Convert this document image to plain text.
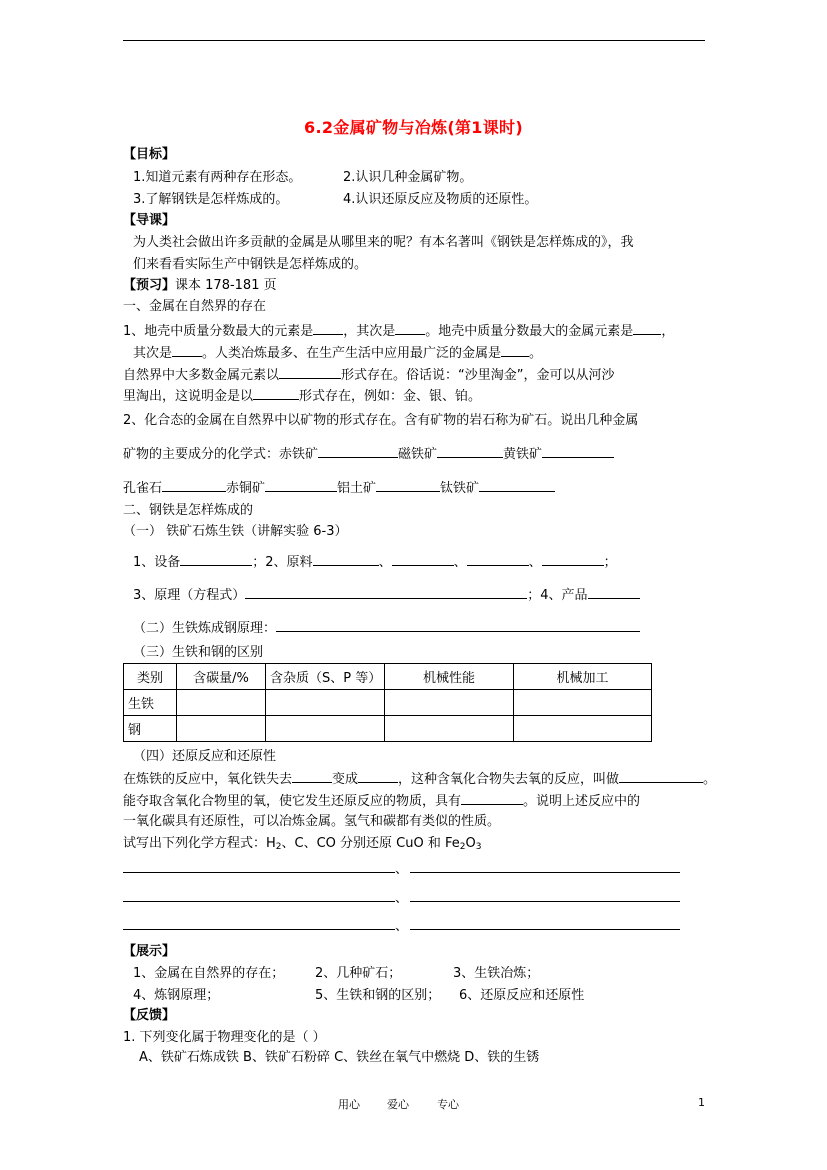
6.2金属矿物与冶炼(第1课时)
【目标】
1.知道元素有两种存在形态。	2.认识几种金属矿物。
3.了解钢铁是怎样炼成的。	4.认识还原反应及物质的还原性。
【导课】
为人类社会做出许多贡献的金属是从哪里来的呢？有本名著叫《钢铁是怎样炼成的》，我
们来看看实际生产中钢铁是怎样炼成的。
【预习】课本 178-181 页
一、金属在自然界的存在
1、地壳中质量分数最大的元素是 ，其次是 。地壳中质量分数最大的金属元素是 ，
其次是 。人类冶炼最多、在生产生活中应用最广泛的金属是 。
自然界中大多数金属元素以	形式存在。俗话说：“沙里淘金”，金可以从河沙
里淘出，这说明金是以	形式存在，例如：金、银、铂。
2、化合态的金属在自然界中以矿物的形式存在。含有矿物的岩石称为矿石。说出几种金属
矿物的主要成分的化学式：赤铁矿	磁铁矿	黄铁矿
孔雀石	赤铜矿	铝土矿	钛铁矿
二、钢铁是怎样炼成的
（一） 铁矿石炼生铁（讲解实验 6-3）
1、设备	；2、原料	、	、	、	；
3、原理（方程式）	；4、产品
（二）生铁炼成钢原理：
（三）生铁和钢的区别
类别	含碳量/%	含杂质（S、P 等）	机械性能	机械加工
生铁				
钢				
（四）还原反应和还原性
在炼铁的反应中，氧化铁失去	变成	，这种含氧化合物失去氧的反应，叫做	。
能夺取含氧化合物里的氧，使它发生还原反应的物质，具有	。说明上述反应中的
一氧化碳具有还原性，可以冶炼金属。氢气和碳都有类似的性质。
试写出下列化学方程式：$H_2$、C、CO 分别还原 CuO 和 $Fe_2O_3$
、
、
、
【展示】
1、金属在自然界的存在； 2、几种矿石；	3、生铁冶炼；
4、炼钢原理；	5、生铁和钢的区别； 6、还原反应和还原性
【反馈】
1. 下列变化属于物理变化的是（ ）
A、铁矿石炼成铁 B、铁矿石粉碎 C、铁丝在氧气中燃烧 D、铁的生锈
用心 爱心	专心	1
